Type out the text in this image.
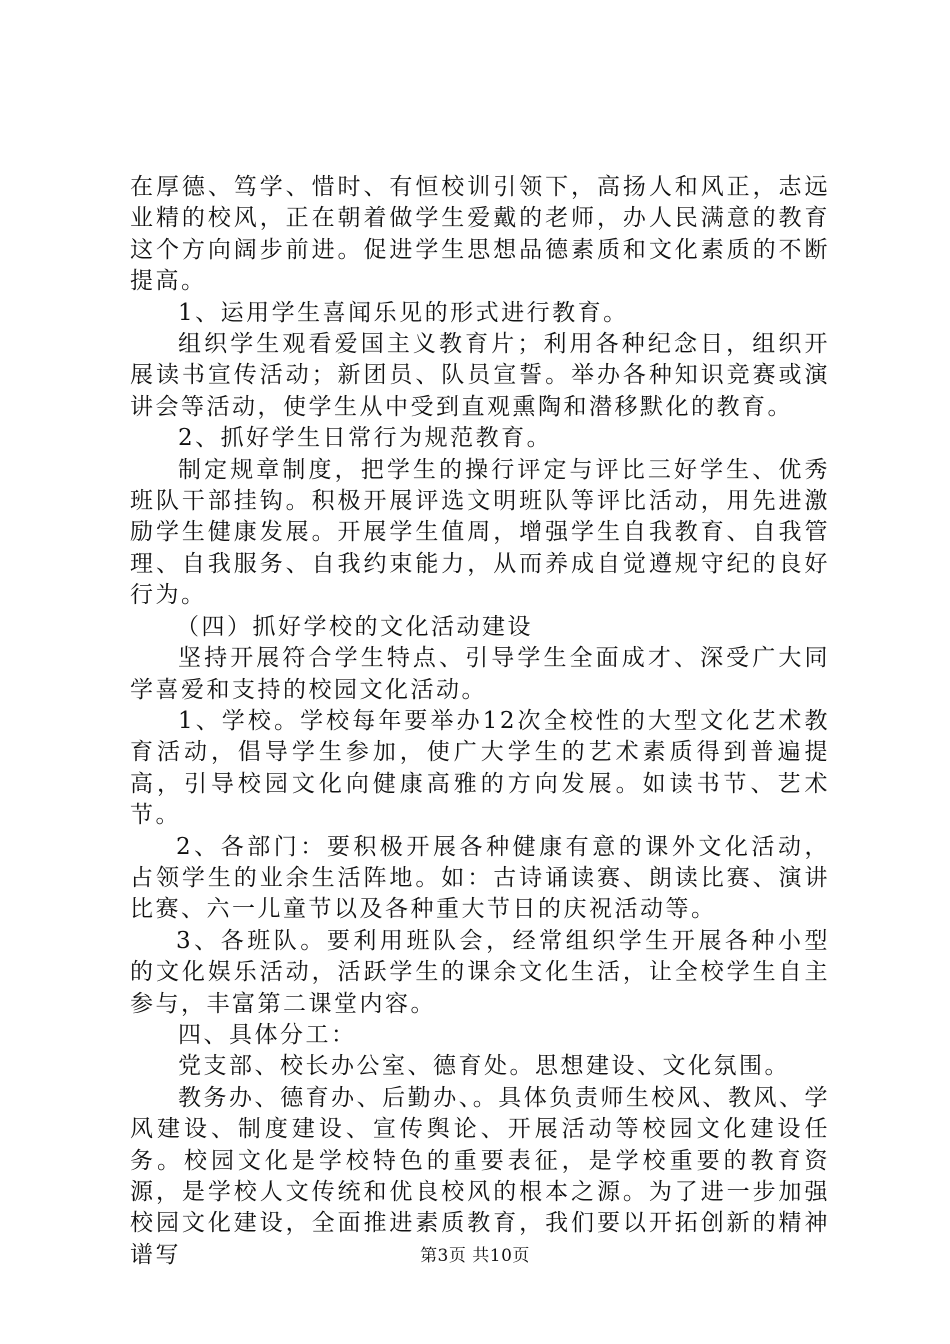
在厚德、笃学、惜时、有恒校训引领下，高扬人和风正，志远业精的校风，正在朝着做学生爱戴的老师，办人民满意的教育这个方向阔步前进。促进学生思想品德素质和文化素质的不断提高。

1、运用学生喜闻乐见的形式进行教育。

组织学生观看爱国主义教育片；利用各种纪念日，组织开展读书宣传活动；新团员、队员宣誓。举办各种知识竞赛或演讲会等活动，使学生从中受到直观熏陶和潜移默化的教育。

2、抓好学生日常行为规范教育。

制定规章制度，把学生的操行评定与评比三好学生、优秀班队干部挂钩。积极开展评选文明班队等评比活动，用先进激励学生健康发展。开展学生值周，增强学生自我教育、自我管理、自我服务、自我约束能力，从而养成自觉遵规守纪的良好行为。

（四）抓好学校的文化活动建设

坚持开展符合学生特点、引导学生全面成才、深受广大同学喜爱和支持的校园文化活动。

1、学校。学校每年要举办12次全校性的大型文化艺术教育活动，倡导学生参加，使广大学生的艺术素质得到普遍提高，引导校园文化向健康高雅的方向发展。如读书节、艺术节。

2、各部门：要积极开展各种健康有意的课外文化活动，占领学生的业余生活阵地。如：古诗诵读赛、朗读比赛、演讲比赛、六一儿童节以及各种重大节日的庆祝活动等。

3、各班队。要利用班队会，经常组织学生开展各种小型的文化娱乐活动，活跃学生的课余文化生活，让全校学生自主参与，丰富第二课堂内容。

四、具体分工：

党支部、校长办公室、德育处。思想建设、文化氛围。

教务办、德育办、后勤办、。具体负责师生校风、教风、学风建设、制度建设、宣传舆论、开展活动等校园文化建设任务。校园文化是学校特色的重要表征，是学校重要的教育资源，是学校人文传统和优良校风的根本之源。为了进一步加强校园文化建设，全面推进素质教育，我们要以开拓创新的精神谱写	第3页 共10页
